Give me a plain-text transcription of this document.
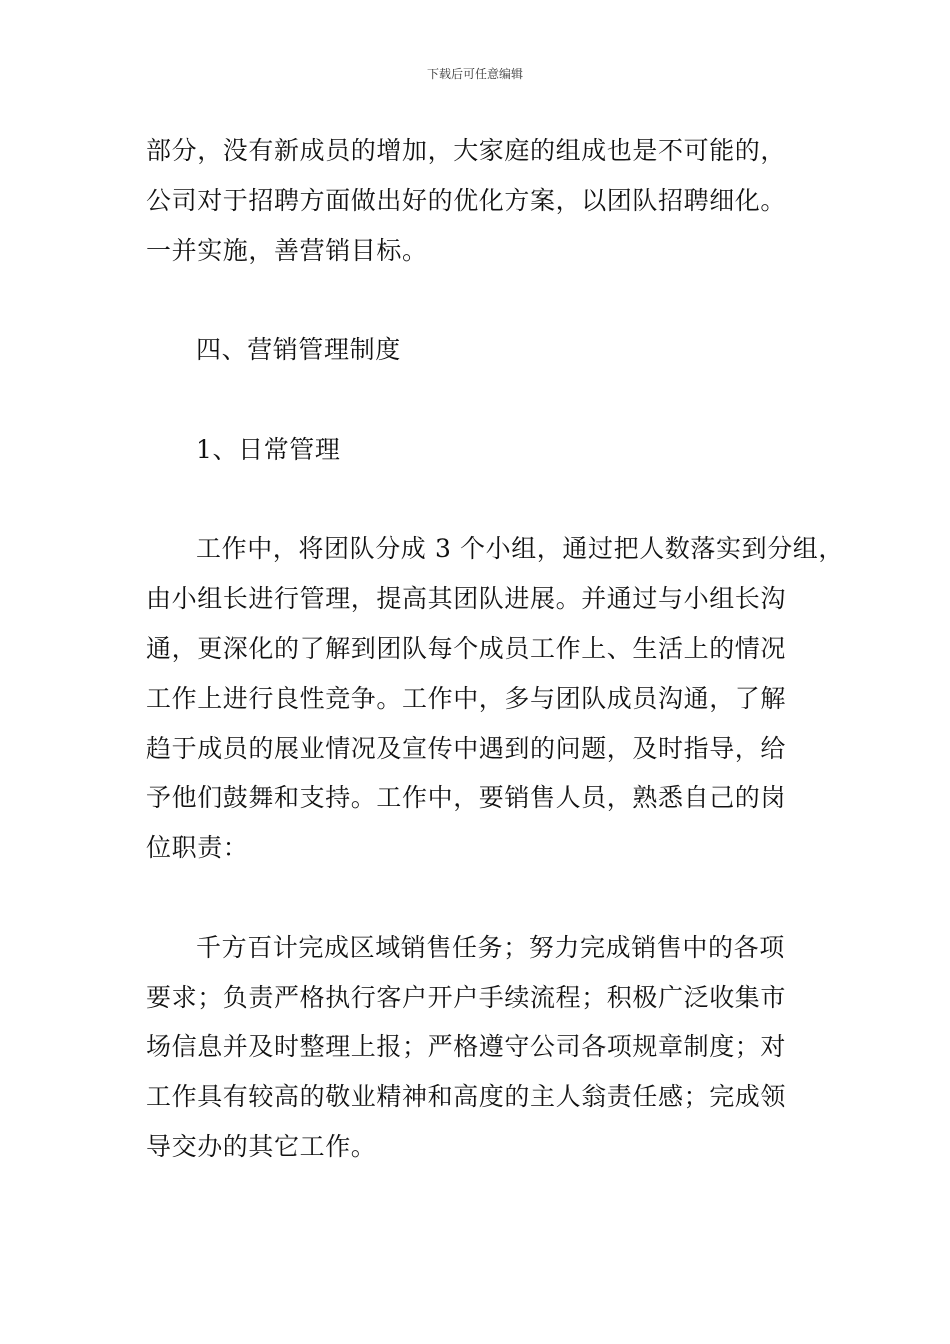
下载后可任意编辑
部分，没有新成员的增加，大家庭的组成也是不可能的，
公司对于招聘方面做出好的优化方案，以团队招聘细化。
一并实施，善营销目标。
四、营销管理制度
1、日常管理
工作中，将团队分成 3 个小组，通过把人数落实到分组，
由小组长进行管理，提高其团队进展。并通过与小组长沟
通，更深化的了解到团队每个成员工作上、生活上的情况
工作上进行良性竞争。工作中，多与团队成员沟通，了解
趋于成员的展业情况及宣传中遇到的问题，及时指导，给
予他们鼓舞和支持。工作中，要销售人员，熟悉自己的岗
位职责：
千方百计完成区域销售任务；努力完成销售中的各项
要求；负责严格执行客户开户手续流程；积极广泛收集市
场信息并及时整理上报；严格遵守公司各项规章制度；对
工作具有较高的敬业精神和高度的主人翁责任感；完成领
导交办的其它工作。
